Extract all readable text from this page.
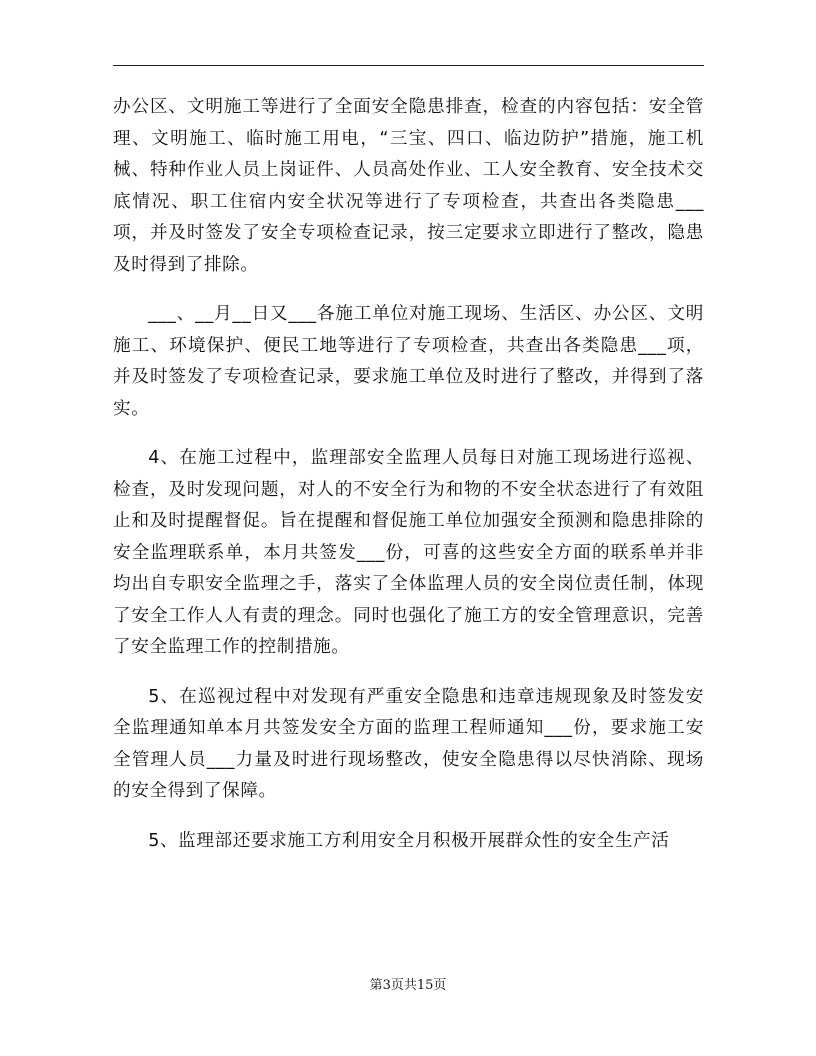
办公区、文明施工等进行了全面安全隐患排查，检查的内容包括：安全管理、文明施工、临时施工用电，“三宝、四口、临边防护”措施，施工机械、特种作业人员上岗证件、人员高处作业、工人安全教育、安全技术交底情况、职工住宿内安全状况等进行了专项检查，共查出各类隐患___项，并及时签发了安全专项检查记录，按三定要求立即进行了整改，隐患及时得到了排除。

___、__月__日又___各施工单位对施工现场、生活区、办公区、文明施工、环境保护、便民工地等进行了专项检查，共查出各类隐患___项，并及时签发了专项检查记录，要求施工单位及时进行了整改，并得到了落实。

4、在施工过程中，监理部安全监理人员每日对施工现场进行巡视、检查，及时发现问题，对人的不安全行为和物的不安全状态进行了有效阻止和及时提醒督促。旨在提醒和督促施工单位加强安全预测和隐患排除的安全监理联系单，本月共签发___份，可喜的这些安全方面的联系单并非均出自专职安全监理之手，落实了全体监理人员的安全岗位责任制，体现了安全工作人人有责的理念。同时也强化了施工方的安全管理意识，完善了安全监理工作的控制措施。

5、在巡视过程中对发现有严重安全隐患和违章违规现象及时签发安全监理通知单本月共签发安全方面的监理工程师通知___份，要求施工安全管理人员___力量及时进行现场整改，使安全隐患得以尽快消除、现场的安全得到了保障。

5、监理部还要求施工方利用安全月积极开展群众性的安全生产活

第3页共15页
